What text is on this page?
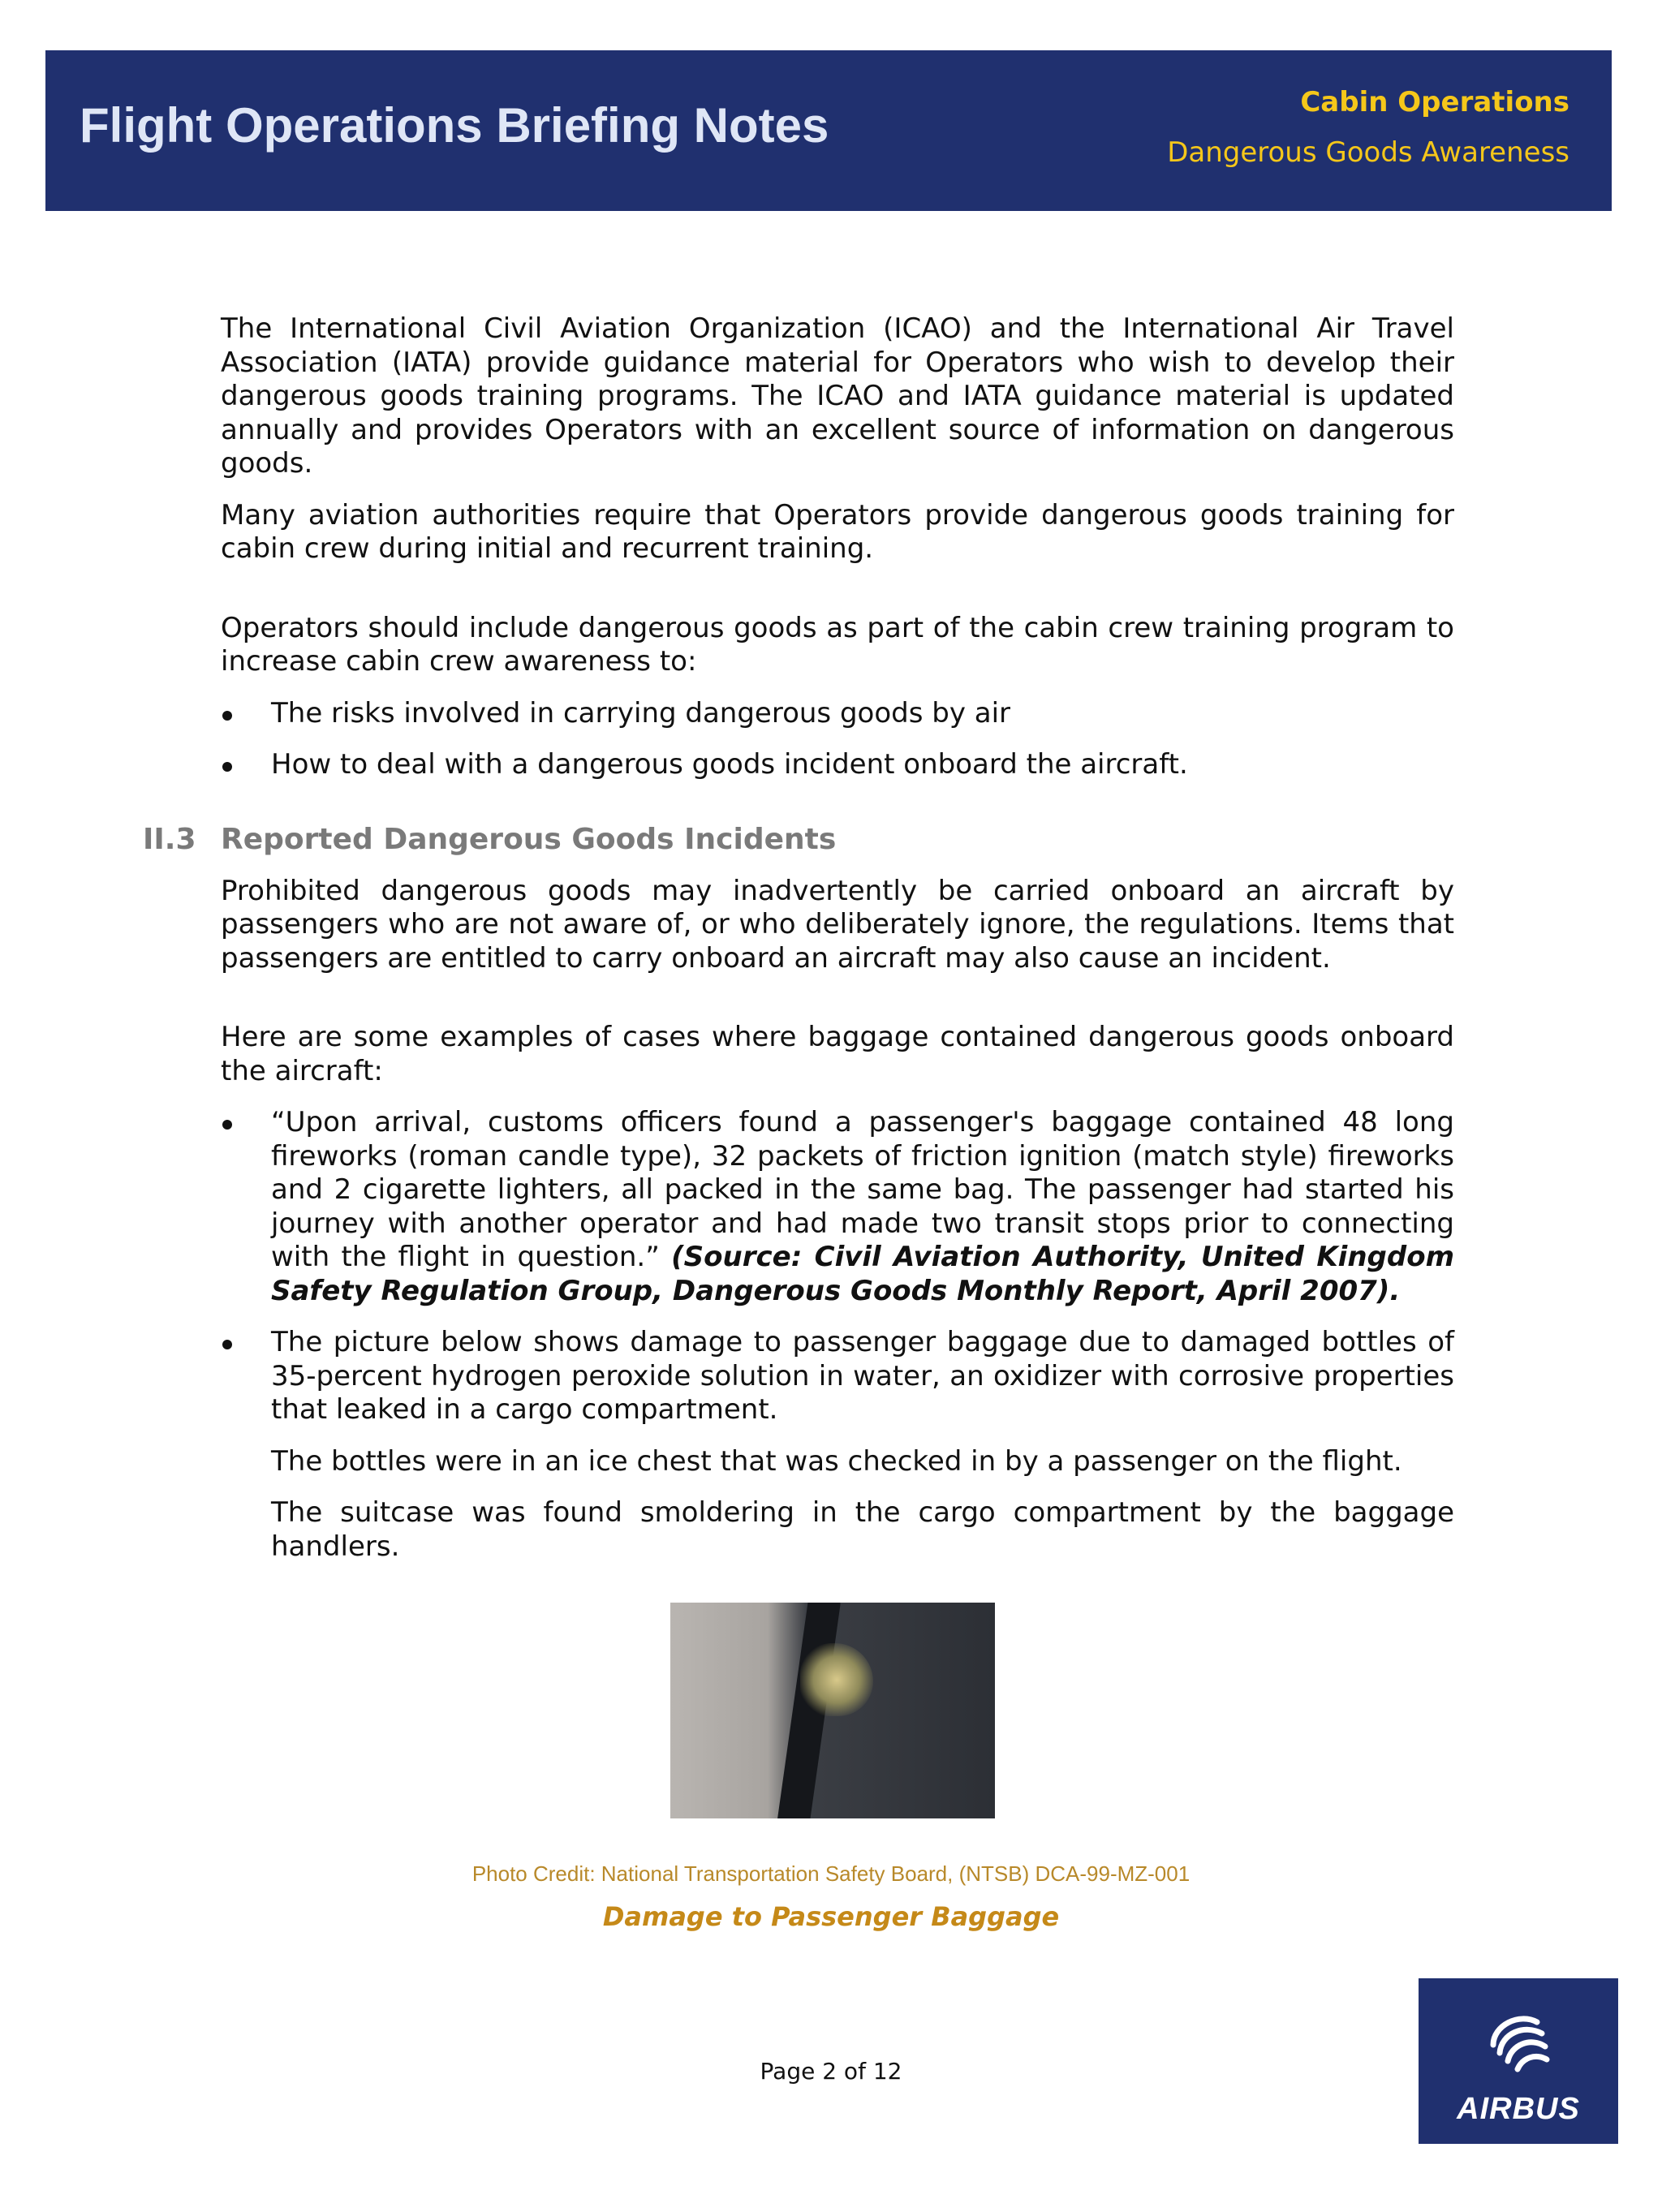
Flight Operations Briefing Notes	Cabin Operations
Dangerous Goods Awareness

The International Civil Aviation Organization (ICAO) and the International Air Travel Association (IATA) provide guidance material for Operators who wish to develop their dangerous goods training programs. The ICAO and IATA guidance material is updated annually and provides Operators with an excellent source of information on dangerous goods.

Many aviation authorities require that Operators provide dangerous goods training for cabin crew during initial and recurrent training.

Operators should include dangerous goods as part of the cabin crew training program to increase cabin crew awareness to:

The risks involved in carrying dangerous goods by air
How to deal with a dangerous goods incident onboard the aircraft.
II.3 Reported Dangerous Goods Incidents

Prohibited dangerous goods may inadvertently be carried onboard an aircraft by passengers who are not aware of, or who deliberately ignore, the regulations. Items that passengers are entitled to carry onboard an aircraft may also cause an incident.

Here are some examples of cases where baggage contained dangerous goods onboard the aircraft:

“Upon arrival, customs officers found a passenger's baggage contained 48 long fireworks (roman candle type), 32 packets of friction ignition (match style) fireworks and 2 cigarette lighters, all packed in the same bag. The passenger had started his journey with another operator and had made two transit stops prior to connecting with the flight in question.” (Source: Civil Aviation Authority, United Kingdom Safety Regulation Group, Dangerous Goods Monthly Report, April 2007).
The picture below shows damage to passenger baggage due to damaged bottles of 35-percent hydrogen peroxide solution in water, an oxidizer with corrosive properties that leaked in a cargo compartment.
The bottles were in an ice chest that was checked in by a passenger on the flight.
The suitcase was found smoldering in the cargo compartment by the baggage handlers.
Photo Credit: National Transportation Safety Board, (NTSB) DCA-99-MZ-001
Damage to Passenger Baggage
Page 2 of 12
AIRBUS
